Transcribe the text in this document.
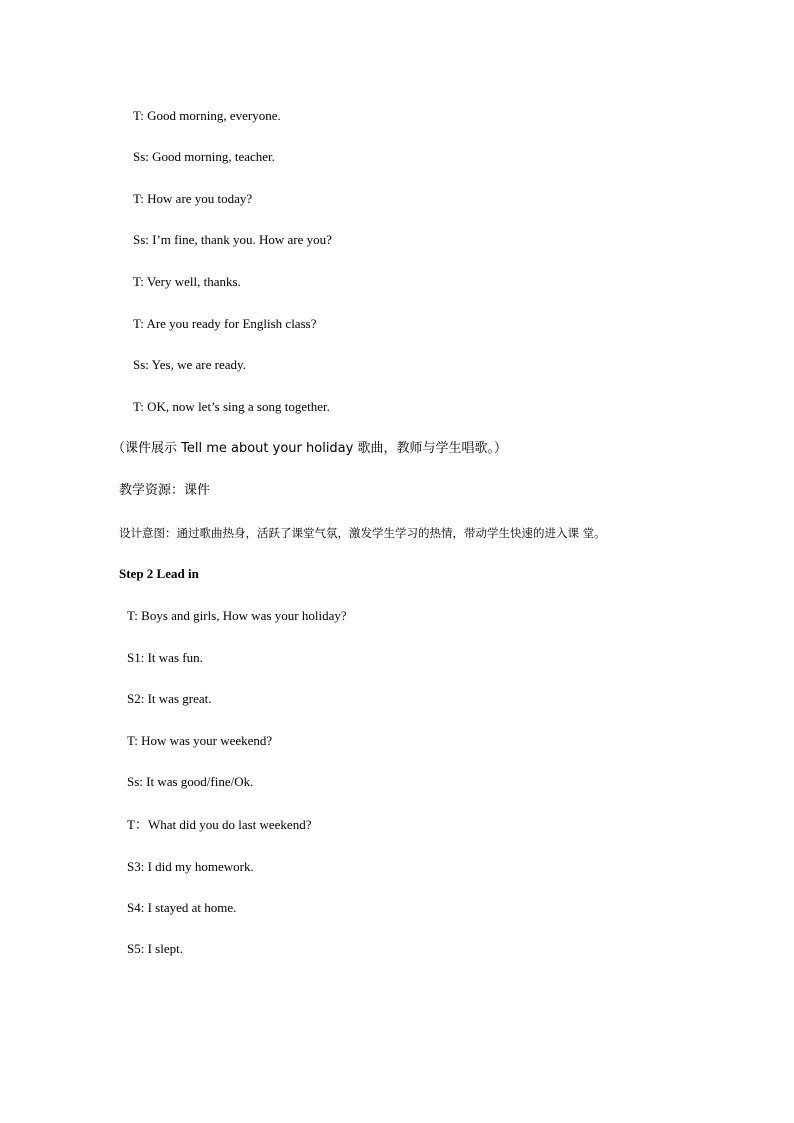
T: Good morning, everyone.
Ss: Good morning, teacher.
T: How are you today?
Ss: I’m fine, thank you. How are you?
T: Very well, thanks.
T: Are you ready for English class?
Ss: Yes, we are ready.
T: OK, now let’s sing a song together.
（课件展示 Tell me about your holiday 歌曲，教师与学生唱歌。）
教学资源：课件
设计意图：通过歌曲热身，活跃了课堂气氛，激发学生学习的热情，带动学生快速的进入课 堂。
Step 2 Lead in
T: Boys and girls, How was your holiday?
S1: It was fun.
S2: It was great.
T: How was your weekend?
Ss: It was good/fine/Ok.
T：What did you do last weekend?
S3: I did my homework.
S4: I stayed at home.
S5: I slept.
